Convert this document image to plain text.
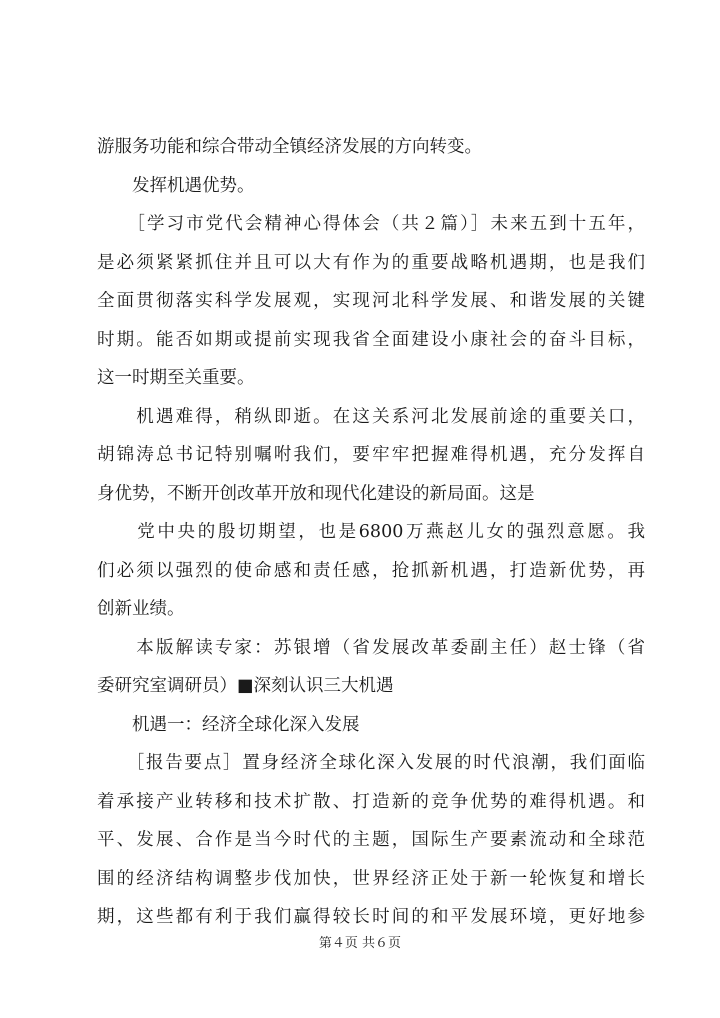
游服务功能和综合带动全镇经济发展的方向转变。
　　发挥机遇优势。
　　［学习市党代会精神心得体会（共２篇）］未来五到十五年，
是必须紧紧抓住并且可以大有作为的重要战略机遇期，也是我们
全面贯彻落实科学发展观，实现河北科学发展、和谐发展的关键
时期。能否如期或提前实现我省全面建设小康社会的奋斗目标，
这一时期至关重要。
　　机遇难得，稍纵即逝。在这关系河北发展前途的重要关口，
胡锦涛总书记特别嘱咐我们，要牢牢把握难得机遇，充分发挥自
身优势，不断开创改革开放和现代化建设的新局面。这是
　　党中央的殷切期望，也是6800万燕赵儿女的强烈意愿。我
们必须以强烈的使命感和责任感，抢抓新机遇，打造新优势，再
创新业绩。
　　本版解读专家：苏银增（省发展改革委副主任）赵士锋（省
委研究室调研员）■深刻认识三大机遇
　　机遇一：经济全球化深入发展
　　［报告要点］置身经济全球化深入发展的时代浪潮，我们面临
着承接产业转移和技术扩散、打造新的竞争优势的难得机遇。和
平、发展、合作是当今时代的主题，国际生产要素流动和全球范
围的经济结构调整步伐加快，世界经济正处于新一轮恢复和增长
期，这些都有利于我们赢得较长时间的和平发展环境，更好地参
第４页 共６页
